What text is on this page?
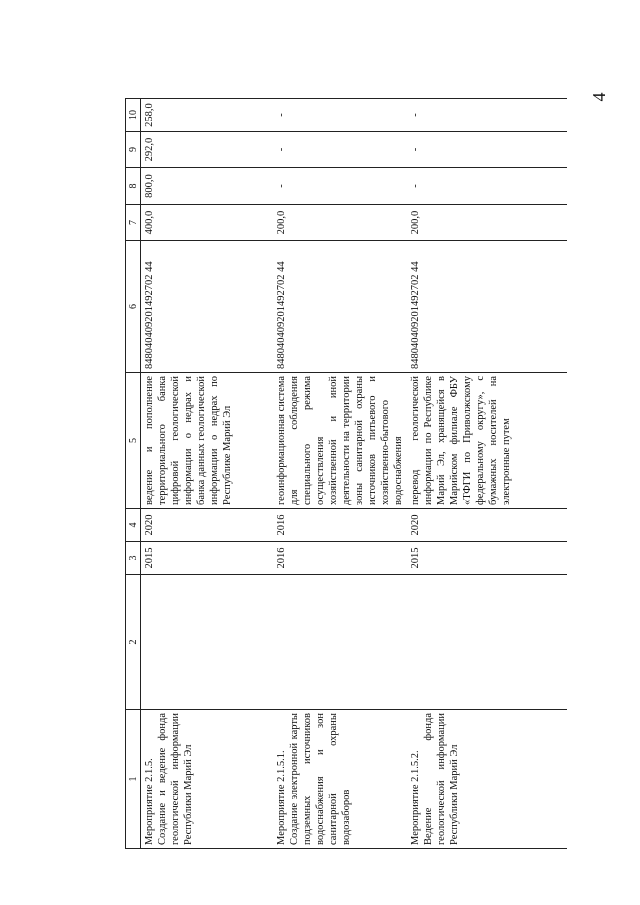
4
1	2	3	4	5	6	7	8	9	10
Мероприятие 2.1.5.
Создание и ведение фонда геологической информации Республики Марий Эл		2015	2020	ведение и пополнение территориального банка цифровой геологической информации о недрах и банка данных геологической информации о недрах по Республике Марий Эл	848040409201492702 44	400,0	800,0	292,0	258,0
Мероприятие 2.1.5.1.
Создание электронной карты подземных источников водоснабжения и зон санитарной охраны водозаборов		2016	2016	геоинформационная система для соблюдения специального режима осуществления хозяйственной и иной деятельности на территории зоны санитарной охраны источников питьевого и хозяйственно-бытового водоснабжения	848040409201492702 44	200,0	-	-	-
Мероприятие 2.1.5.2.
Ведение фонда геологической информации Республики Марий Эл		2015	2020	перевод геологической информации по Республике Марий Эл, хранящейся в Марийском филиале ФБУ «ТФГИ по Приволжскому федеральному округу», с бумажных носителей на электронные путем	848040409201492702 44	200,0	-	-	-
